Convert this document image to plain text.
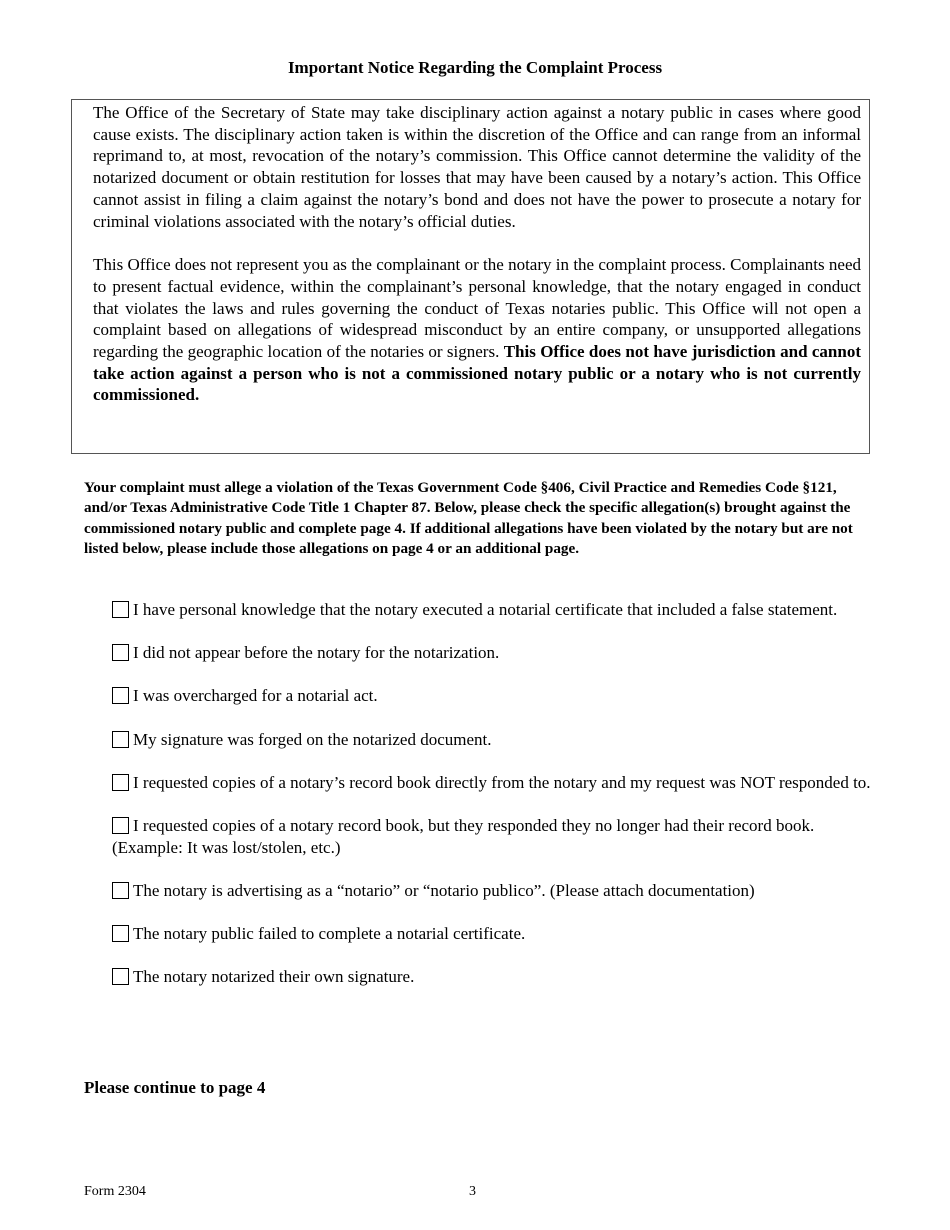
Important Notice Regarding the Complaint Process

The Office of the Secretary of State may take disciplinary action against a notary public in cases where good cause exists. The disciplinary action taken is within the discretion of the Office and can range from an informal reprimand to, at most, revocation of the notary’s commission. This Office cannot determine the validity of the notarized document or obtain restitution for losses that may have been caused by a notary’s action. This Office cannot assist in filing a claim against the notary’s bond and does not have the power to prosecute a notary for criminal violations associated with the notary’s official duties.

This Office does not represent you as the complainant or the notary in the complaint process. Complainants need to present factual evidence, within the complainant’s personal knowledge, that the notary engaged in conduct that violates the laws and rules governing the conduct of Texas notaries public. This Office will not open a complaint based on allegations of widespread misconduct by an entire company, or unsupported allegations regarding the geographic location of the notaries or signers. This Office does not have jurisdiction and cannot take action against a person who is not a commissioned notary public or a notary who is not currently commissioned.

Your complaint must allege a violation of the Texas Government Code §406, Civil Practice and Remedies Code §121, and/or Texas Administrative Code Title 1 Chapter 87. Below, please check the specific allegation(s) brought against the commissioned notary public and complete page 4. If additional allegations have been violated by the notary but are not listed below, please include those allegations on page 4 or an additional page.

I have personal knowledge that the notary executed a notarial certificate that included a false statement.
I did not appear before the notary for the notarization.
I was overcharged for a notarial act.
My signature was forged on the notarized document.
I requested copies of a notary’s record book directly from the notary and my request was NOT responded to.
I requested copies of a notary record book, but they responded they no longer had their record book. (Example: It was lost/stolen, etc.)
The notary is advertising as a “notario” or “notario publico”. (Please attach documentation)
The notary public failed to complete a notarial certificate.
The notary notarized their own signature.
Please continue to page 4
Form 2304	3
